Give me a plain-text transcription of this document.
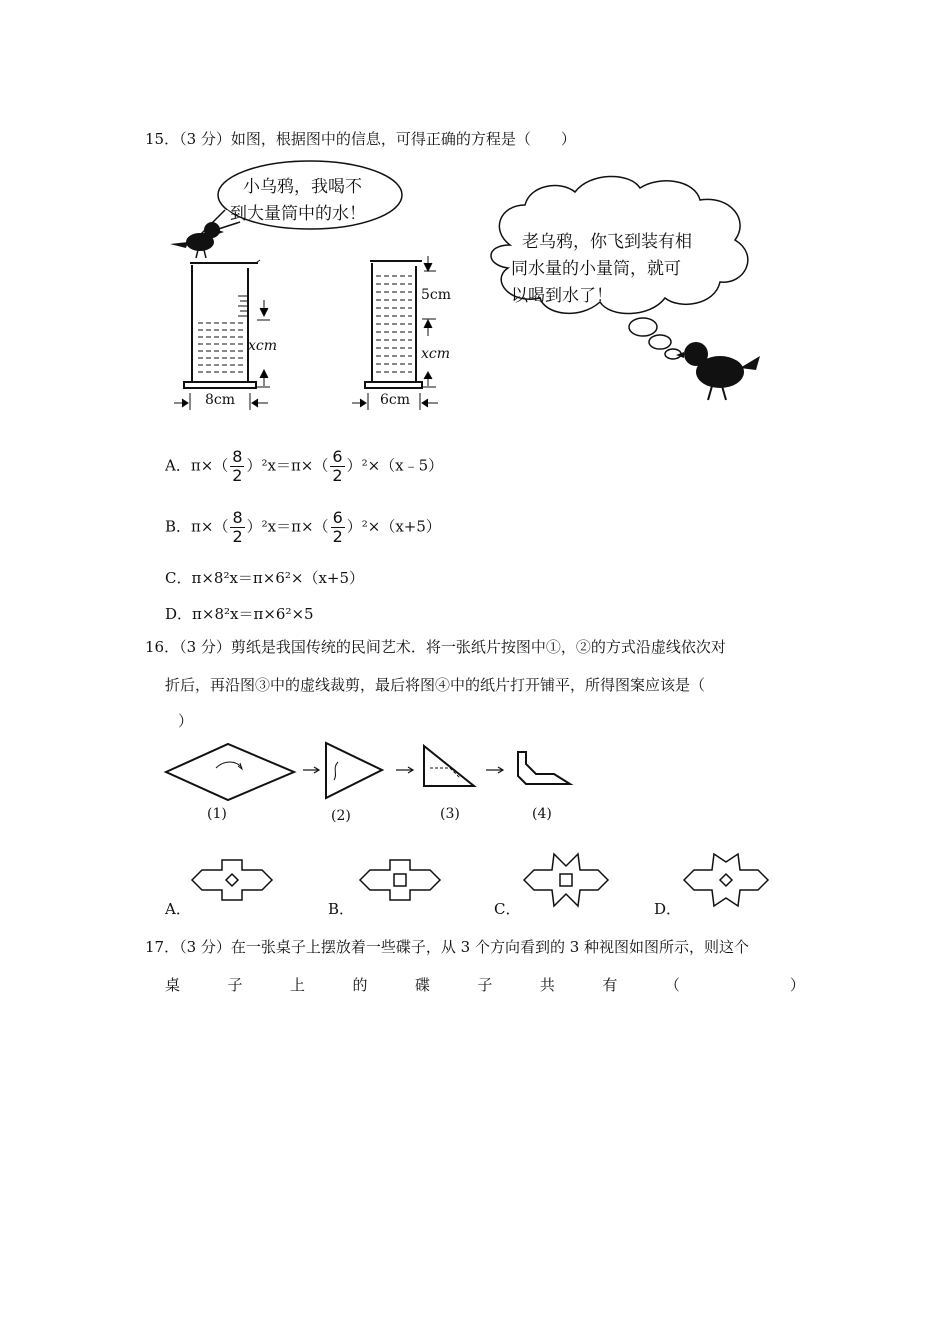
15．（3 分）如图，根据图中的信息，可得正确的方程是（　　）
小乌鸦，我喝不
到大量筒中的水！
老乌鸦，你飞到装有相
同水量的小量筒，就可
以喝到水了！
xcm
8cm
5cm
xcm
6cm
A．$\pi\times( \frac{8}{2} )^2x=\pi\times( \frac{6}{2}$ ）²×（x﹣5）
B．$\pi\times( \frac{8}{2} )^2x=\pi\times( \frac{6}{2} )^2\times(x+5)$
C．π×8²x＝π×6²×（x+5）
D．π×8²x＝π×6²×5
16．（3 分）剪纸是我国传统的民间艺术．将一张纸片按图中①，②的方式沿虚线依次对
折后，再沿图③中的虚线裁剪，最后将图④中的纸片打开铺平，所得图案应该是（
）
(1)	(2)	(3)	(4)
A．	B．	C．	D．
17．（3 分）在一张桌子上摆放着一些碟子，从 3 个方向看到的 3 种视图如图所示，则这个
桌	子	上	的	碟	子	共	有	（
　	）
